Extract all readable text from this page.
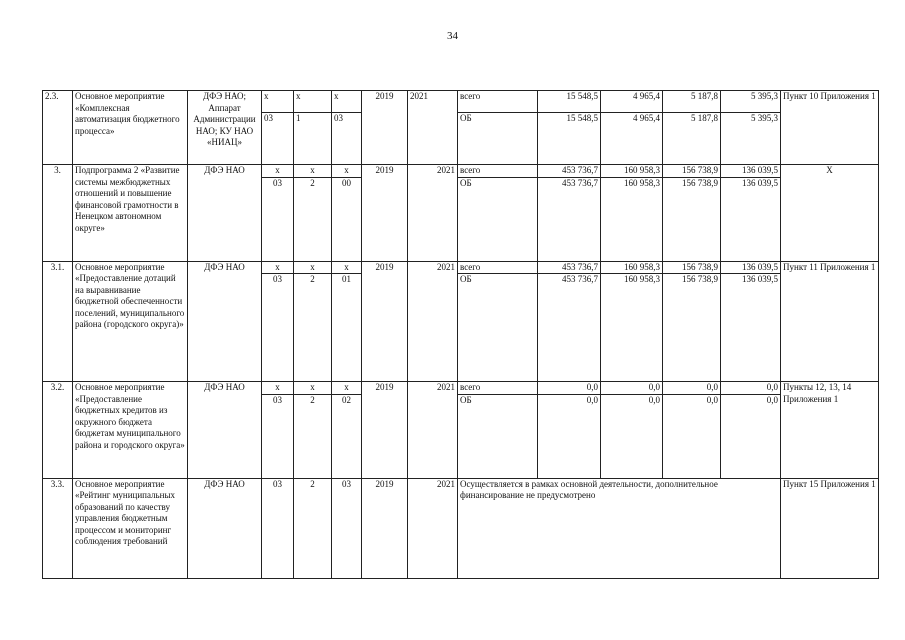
34
2.3.	Основное мероприятие «Комплексная автоматизация бюджетного процесса»	ДФЭ НАО; Аппарат Администрации НАО; КУ НАО «НИАЦ»	х	х	х	2019	2021	всего	15 548,5	4 965,4	5 187,8	5 395,3	Пункт 10 Приложения 1
			03	1	03			ОБ	15 548,5	4 965,4	5 187,8	5 395,3	
3.	Подпрограмма 2 «Развитие системы межбюджетных отношений и повышение финансовой грамотности в Ненецком автономном округе»	ДФЭ НАО	х	х	х	2019	2021	всего	453 736,7	160 958,3	156 738,9	136 039,5	Х
			03	2	00			ОБ	453 736,7	160 958,3	156 738,9	136 039,5	
3.1.	Основное мероприятие «Предоставление дотаций на выравнивание бюджетной обеспеченности поселений, муниципального района (городского округа)»	ДФЭ НАО	х	х	х	2019	2021	всего	453 736,7	160 958,3	156 738,9	136 039,5	Пункт 11 Приложения 1
			03	2	01			ОБ	453 736,7	160 958,3	156 738,9	136 039,5	
3.2.	Основное мероприятие «Предоставление бюджетных кредитов из окружного бюджета бюджетам муниципального района и городского округа»	ДФЭ НАО	х	х	х	2019	2021	всего	0,0	0,0	0,0	0,0	Пункты 12, 13, 14 Приложения 1
			03	2	02			ОБ	0,0	0,0	0,0	0,0	
3.3.	Основное мероприятие «Рейтинг муниципальных образований по качеству управления бюджетным процессом и мониторинг соблюдения требований	ДФЭ НАО	03	2	03	2019	2021	Осуществляется в рамках основной деятельности, дополнительное финансирование не предусмотрено					Пункт 15 Приложения 1
